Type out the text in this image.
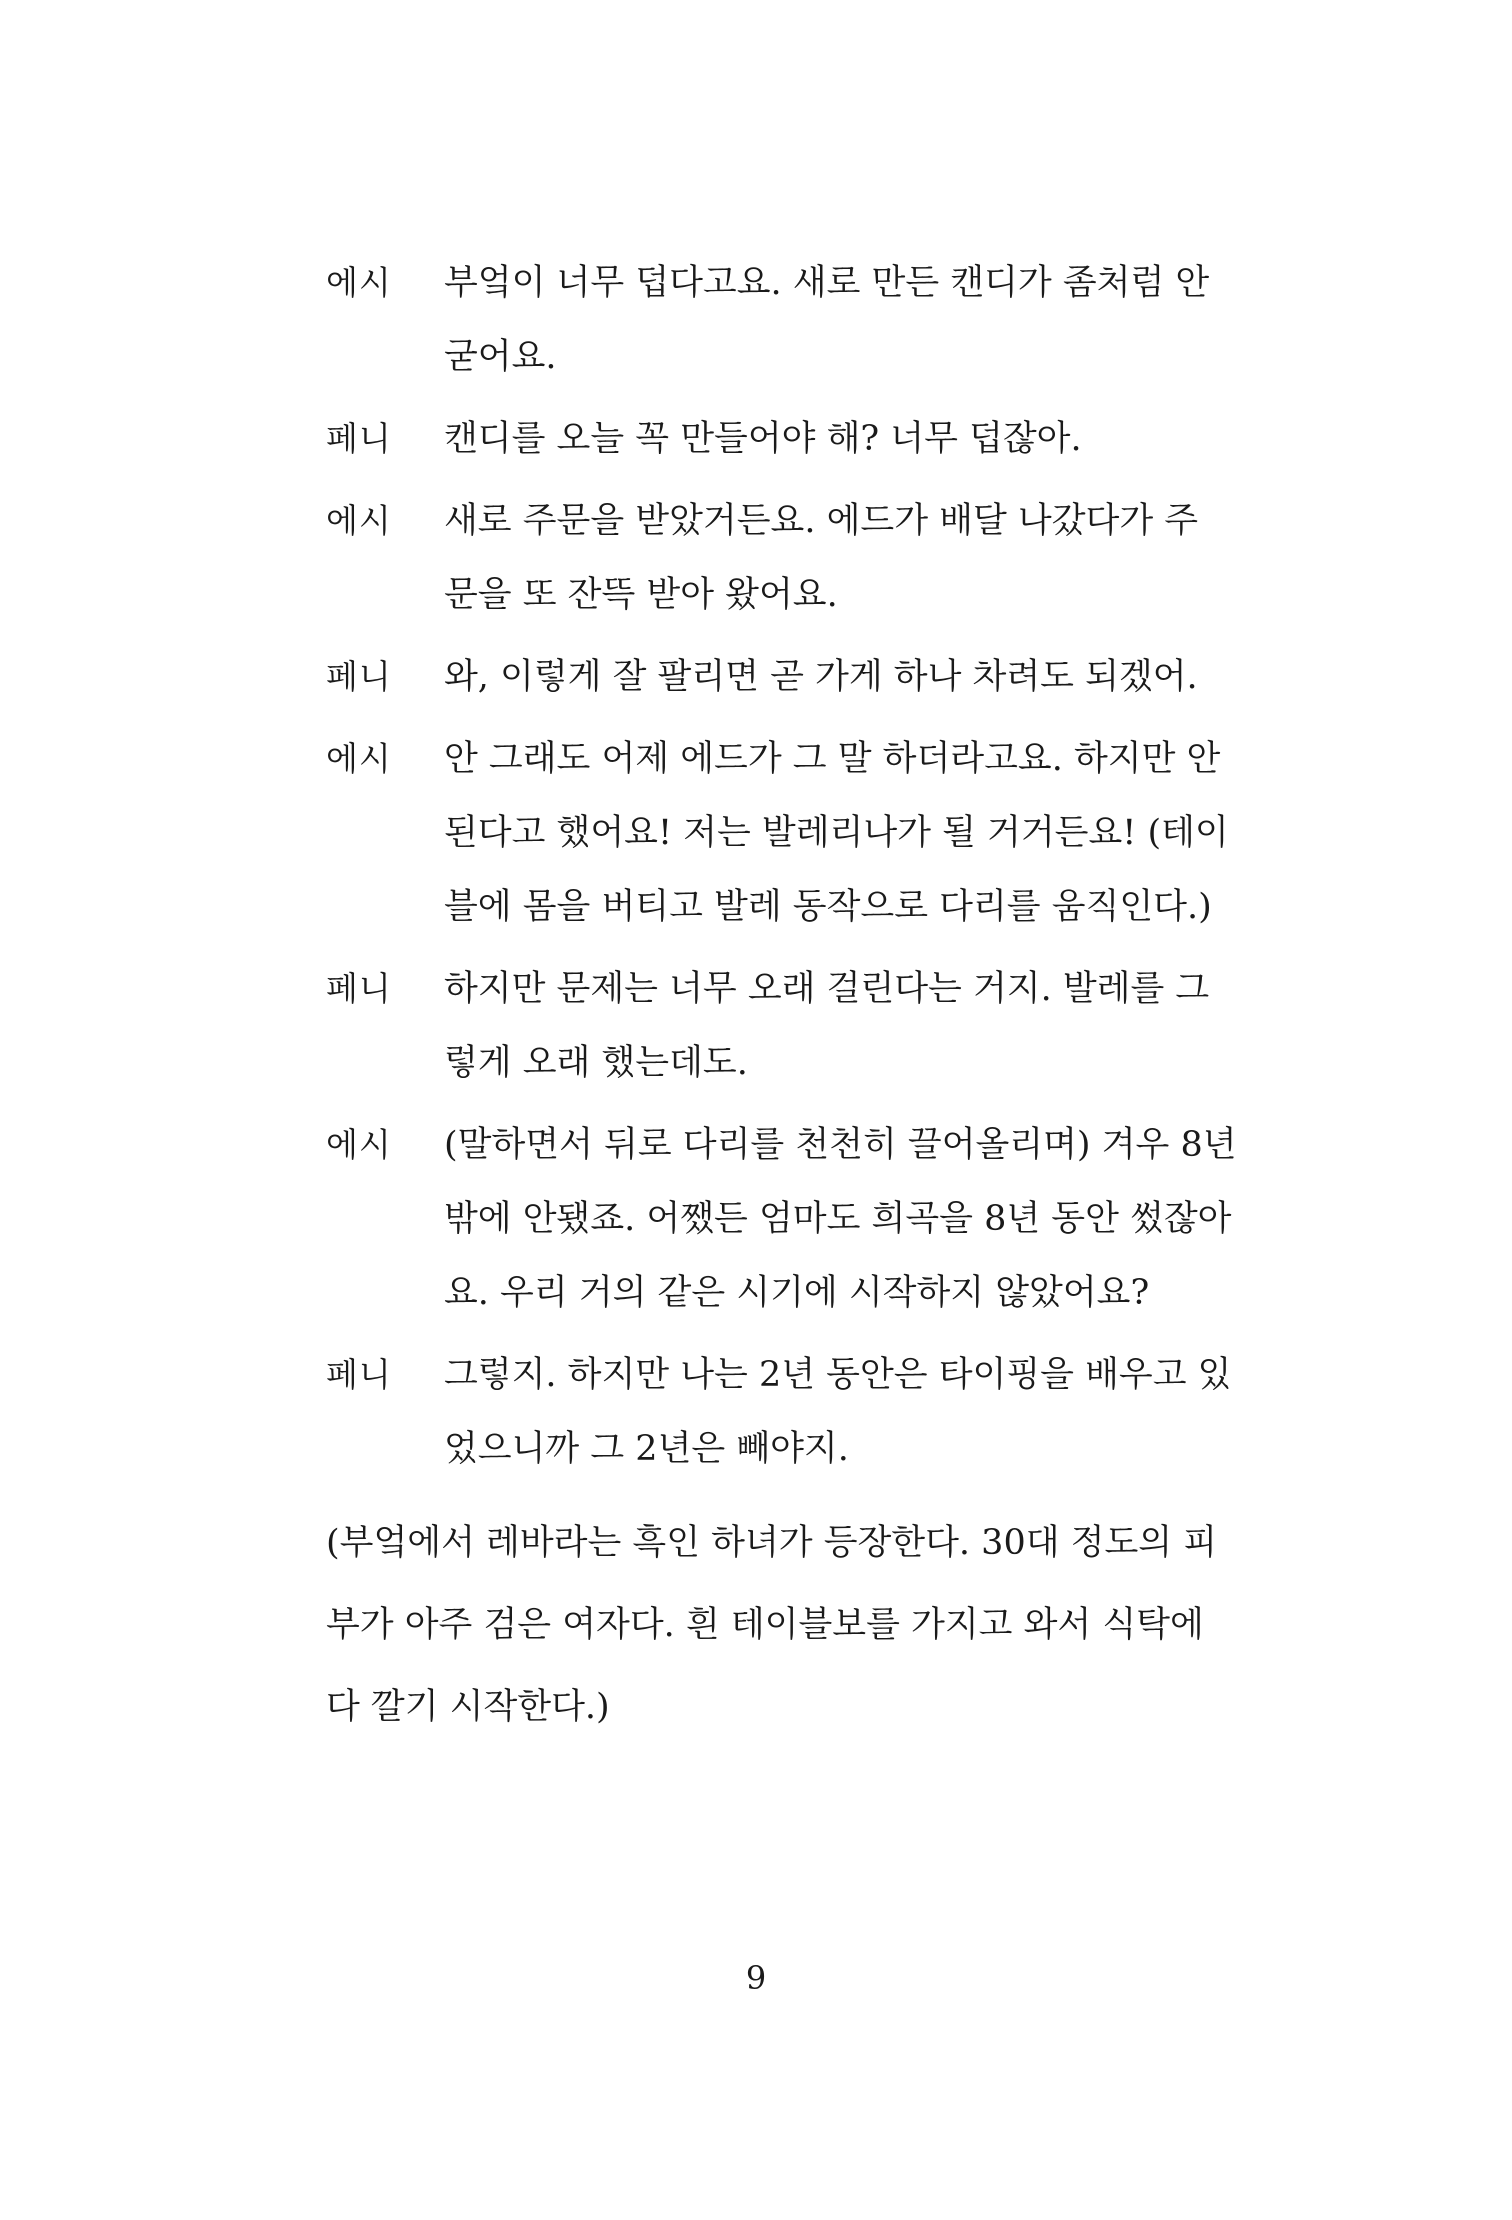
에시	부엌이 너무 덥다고요. 새로 만든 캔디가 좀처럼 안
굳어요.
페니	캔디를 오늘 꼭 만들어야 해? 너무 덥잖아.
에시	새로 주문을 받았거든요. 에드가 배달 나갔다가 주
문을 또 잔뜩 받아 왔어요.
페니	와, 이렇게 잘 팔리면 곧 가게 하나 차려도 되겠어.
에시	안 그래도 어제 에드가 그 말 하더라고요. 하지만 안
된다고 했어요! 저는 발레리나가 될 거거든요! (테이
블에 몸을 버티고 발레 동작으로 다리를 움직인다.)
페니	하지만 문제는 너무 오래 걸린다는 거지. 발레를 그
렇게 오래 했는데도.
에시	(말하면서 뒤로 다리를 천천히 끌어올리며) 겨우 8년
밖에 안됐죠. 어쨌든 엄마도 희곡을 8년 동안 썼잖아
요. 우리 거의 같은 시기에 시작하지 않았어요?
페니	그렇지. 하지만 나는 2년 동안은 타이핑을 배우고 있
었으니까 그 2년은 빼야지.
(부엌에서 레바라는 흑인 하녀가 등장한다. 30대 정도의 피
부가 아주 검은 여자다. 흰 테이블보를 가지고 와서 식탁에
다 깔기 시작한다.)
9
